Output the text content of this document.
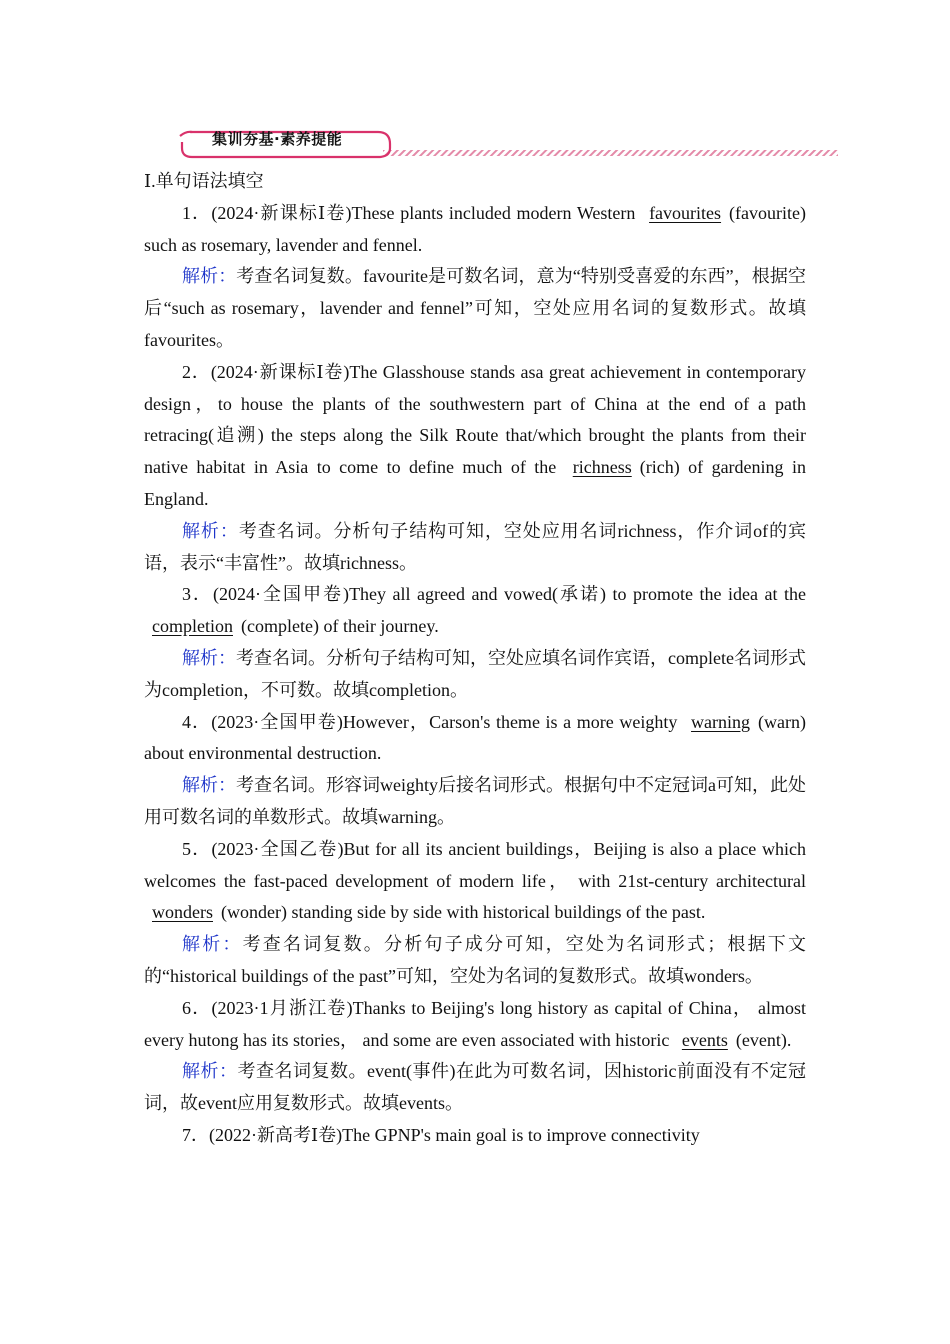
集训夯基·素养提能

Ⅰ.单句语法填空

1．(2024·新课标Ⅰ卷)These plants included modern Western favourites (favourite) such as rosemary, lavender and fennel.

解析：考查名词复数。favourite是可数名词，意为“特别受喜爱的东西”，根据空后“such as rosemary，lavender and fennel”可知，空处应用名词的复数形式。故填favourites。

2．(2024·新课标Ⅰ卷)The Glasshouse stands asa great achievement in contemporary design，to house the plants of the southwestern part of China at the end of a path retracing(追溯) the steps along the Silk Route that/which brought the plants from their native habitat in Asia to come to define much of the richness (rich) of gardening in England.

解析：考查名词。分析句子结构可知，空处应用名词richness，作介词of的宾语，表示“丰富性”。故填richness。

3．(2024·全国甲卷)They all agreed and vowed(承诺) to promote the idea at the completion (complete) of their journey.

解析：考查名词。分析句子结构可知，空处应填名词作宾语，complete名词形式为completion，不可数。故填completion。

4．(2023·全国甲卷)However，Carson's theme is a more weighty warning (warn) about environmental destruction.

解析：考查名词。形容词weighty后接名词形式。根据句中不定冠词a可知，此处用可数名词的单数形式。故填warning。

5．(2023·全国乙卷)But for all its ancient buildings，Beijing is also a place which welcomes the fast-paced development of modern life， with 21st-century architectural wonders (wonder) standing side by side with historical buildings of the past.

解析：考查名词复数。分析句子成分可知，空处为名词形式；根据下文的“historical buildings of the past”可知，空处为名词的复数形式。故填wonders。

6．(2023·1月浙江卷)Thanks to Beijing's long history as capital of China， almost every hutong has its stories， and some are even associated with historic events (event).

解析：考查名词复数。event(事件)在此为可数名词，因historic前面没有不定冠词，故event应用复数形式。故填events。

7．(2022·新高考Ⅰ卷)The GPNP's main goal is to improve connectivity
